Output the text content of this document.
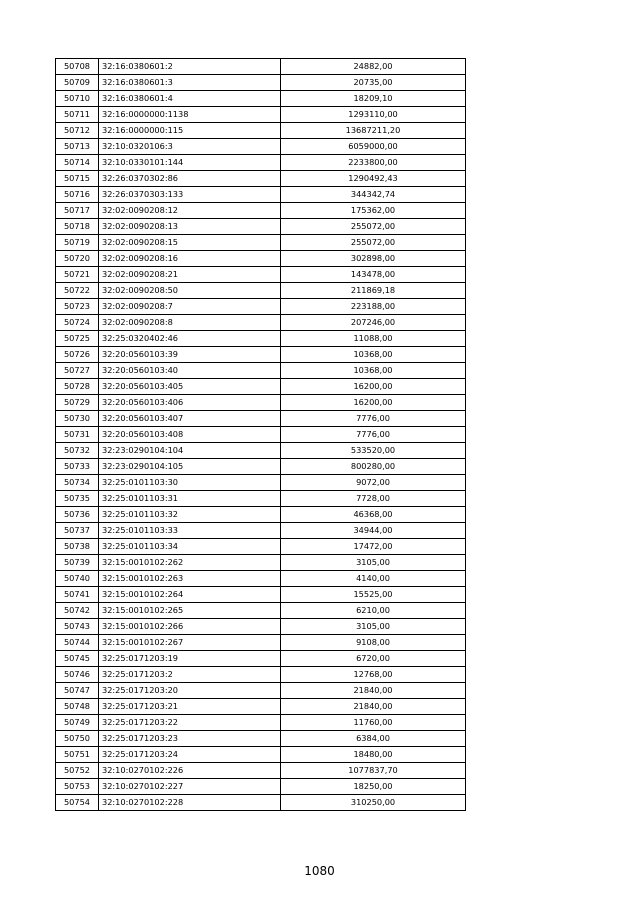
50708	32:16:0380601:2	24882,00
50709	32:16:0380601:3	20735,00
50710	32:16:0380601:4	18209,10
50711	32:16:0000000:1138	1293110,00
50712	32:16:0000000:115	13687211,20
50713	32:10:0320106:3	6059000,00
50714	32:10:0330101:144	2233800,00
50715	32:26:0370302:86	1290492,43
50716	32:26:0370303:133	344342,74
50717	32:02:0090208:12	175362,00
50718	32:02:0090208:13	255072,00
50719	32:02:0090208:15	255072,00
50720	32:02:0090208:16	302898,00
50721	32:02:0090208:21	143478,00
50722	32:02:0090208:50	211869,18
50723	32:02:0090208:7	223188,00
50724	32:02:0090208:8	207246,00
50725	32:25:0320402:46	11088,00
50726	32:20:0560103:39	10368,00
50727	32:20:0560103:40	10368,00
50728	32:20:0560103:405	16200,00
50729	32:20:0560103:406	16200,00
50730	32:20:0560103:407	7776,00
50731	32:20:0560103:408	7776,00
50732	32:23:0290104:104	533520,00
50733	32:23:0290104:105	800280,00
50734	32:25:0101103:30	9072,00
50735	32:25:0101103:31	7728,00
50736	32:25:0101103:32	46368,00
50737	32:25:0101103:33	34944,00
50738	32:25:0101103:34	17472,00
50739	32:15:0010102:262	3105,00
50740	32:15:0010102:263	4140,00
50741	32:15:0010102:264	15525,00
50742	32:15:0010102:265	6210,00
50743	32:15:0010102:266	3105,00
50744	32:15:0010102:267	9108,00
50745	32:25:0171203:19	6720,00
50746	32:25:0171203:2	12768,00
50747	32:25:0171203:20	21840,00
50748	32:25:0171203:21	21840,00
50749	32:25:0171203:22	11760,00
50750	32:25:0171203:23	6384,00
50751	32:25:0171203:24	18480,00
50752	32:10:0270102:226	1077837,70
50753	32:10:0270102:227	18250,00
50754	32:10:0270102:228	310250,00
1080
